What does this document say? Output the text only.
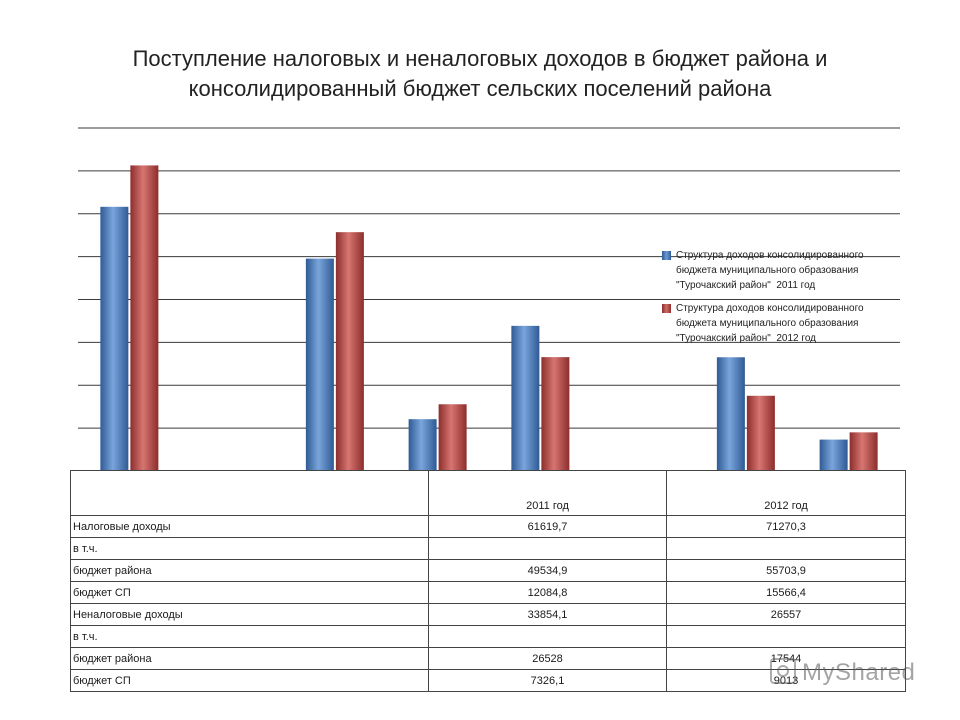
Поступление налоговых и неналоговых доходов в бюджет района и
консолидированный бюджет сельских поселений района
Структура доходов консолидированного
бюджета муниципального образования
"Турочакский район"  2011 год
Структура доходов консолидированного
бюджета муниципального образования
"Турочакский район"  2012 год
	2011 год	2012 год
Налоговые доходы	61619,7	71270,3
в т.ч.		
бюджет района	49534,9	55703,9
бюджет СП	12084,8	15566,4
Неналоговые доходы	33854,1	26557
в т.ч.		
бюджет района	26528	17544
бюджет СП	7326,1	9013 MyShared
